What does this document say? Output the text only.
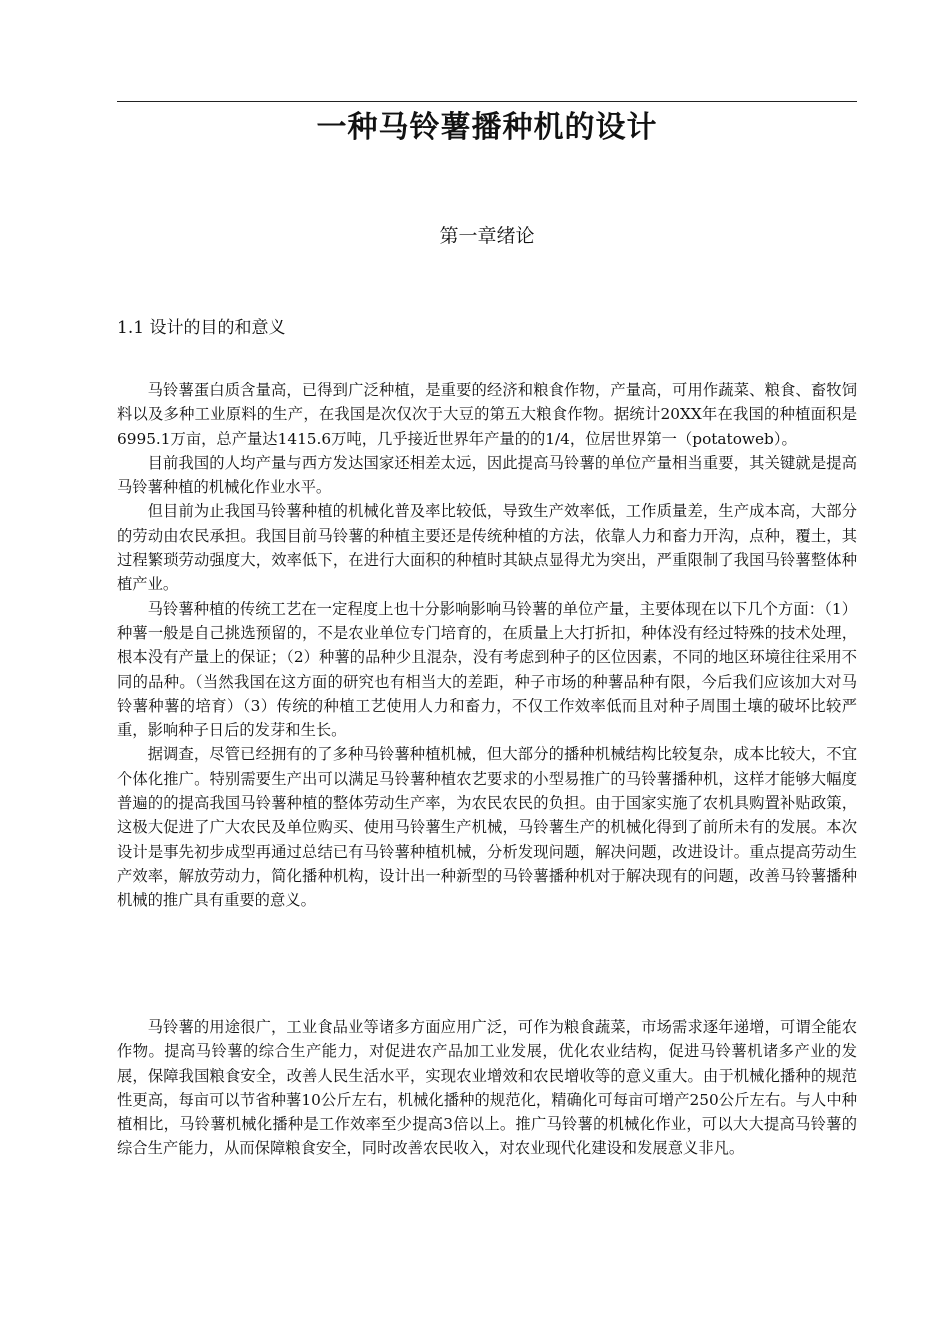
一种马铃薯播种机的设计
第一章绪论
1.1 设计的目的和意义

马铃薯蛋白质含量高，已得到广泛种植，是重要的经济和粮食作物，产量高，可用作蔬菜、粮食、畜牧饲料以及多种工业原料的生产，在我国是次仅次于大豆的第五大粮食作物。据统计20XX年在我国的种植面积是6995.1万亩，总产量达1415.6万吨，几乎接近世界年产量的的1/4，位居世界第一（potatoweb）。

目前我国的人均产量与西方发达国家还相差太远，因此提高马铃薯的单位产量相当重要，其关键就是提高马铃薯种植的机械化作业水平。

但目前为止我国马铃薯种植的机械化普及率比较低，导致生产效率低，工作质量差，生产成本高，大部分的劳动由农民承担。我国目前马铃薯的种植主要还是传统种植的方法，依靠人力和畜力开沟，点种，覆土，其过程繁琐劳动强度大，效率低下，在进行大面积的种植时其缺点显得尤为突出，严重限制了我国马铃薯整体种植产业。

马铃薯种植的传统工艺在一定程度上也十分影响影响马铃薯的单位产量，主要体现在以下几个方面：（1）种薯一般是自己挑选预留的，不是农业单位专门培育的，在质量上大打折扣，种体没有经过特殊的技术处理，根本没有产量上的保证；（2）种薯的品种少且混杂，没有考虑到种子的区位因素，不同的地区环境往往采用不同的品种。（当然我国在这方面的研究也有相当大的差距，种子市场的种薯品种有限，今后我们应该加大对马铃薯种薯的培育）（3）传统的种植工艺使用人力和畜力，不仅工作效率低而且对种子周围土壤的破坏比较严重，影响种子日后的发芽和生长。

据调查，尽管已经拥有的了多种马铃薯种植机械，但大部分的播种机械结构比较复杂，成本比较大，不宜个体化推广。特别需要生产出可以满足马铃薯种植农艺要求的小型易推广的马铃薯播种机，这样才能够大幅度普遍的的提高我国马铃薯种植的整体劳动生产率，为农民农民的负担。由于国家实施了农机具购置补贴政策，这极大促进了广大农民及单位购买、使用马铃薯生产机械，马铃薯生产的机械化得到了前所未有的发展。本次设计是事先初步成型再通过总结已有马铃薯种植机械，分析发现问题，解决问题，改进设计。重点提高劳动生产效率，解放劳动力，简化播种机构，设计出一种新型的马铃薯播种机对于解决现有的问题，改善马铃薯播种机械的推广具有重要的意义。

马铃薯的用途很广，工业食品业等诸多方面应用广泛，可作为粮食蔬菜，市场需求逐年递增，可谓全能农作物。提高马铃薯的综合生产能力，对促进农产品加工业发展，优化农业结构，促进马铃薯机诸多产业的发展，保障我国粮食安全，改善人民生活水平，实现农业增效和农民增收等的意义重大。由于机械化播种的规范性更高，每亩可以节省种薯10公斤左右，机械化播种的规范化，精确化可每亩可增产250公斤左右。与人中种植相比，马铃薯机械化播种是工作效率至少提高3倍以上。推广马铃薯的机械化作业，可以大大提高马铃薯的综合生产能力，从而保障粮食安全，同时改善农民收入，对农业现代化建设和发展意义非凡。
